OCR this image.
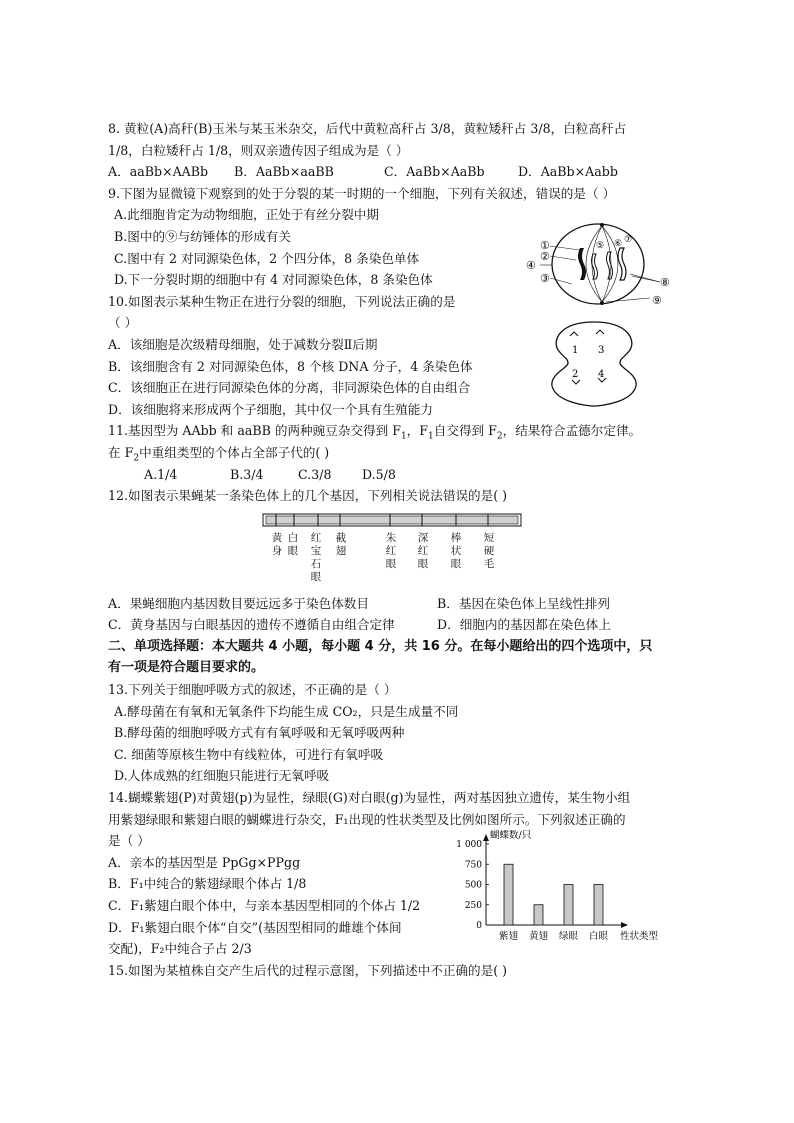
8. 黄粒(A)高秆(B)玉米与某玉米杂交，后代中黄粒高秆占 3/8，黄粒矮秆占 3/8，白粒高秆占
1/8，白粒矮秆占 1/8，则双亲遗传因子组成为是（ ）
A．aaBb×AABb B．AaBb×aaBB	C．AaBb×AaBb	D．AaBb×Aabb
9.下图为显微镜下观察到的处于分裂的某一时期的一个细胞，下列有关叙述，错误的是（ ）
A.此细胞肯定为动物细胞，正处于有丝分裂中期
B.图中的⑨与纺锤体的形成有关
C.图中有 2 对同源染色体，2 个四分体，8 条染色单体
D.下一分裂时期的细胞中有 4 对同源染色体，8 条染色体
10.如图表示某种生物正在进行分裂的细胞，下列说法正确的是
（ ）
A．该细胞是次级精母细胞，处于减数分裂Ⅱ后期
B．该细胞含有 2 对同源染色体，8 个核 DNA 分子，4 条染色体
C．该细胞正在进行同源染色体的分离，非同源染色体的自由组合
D．该细胞将来形成两个子细胞，其中仅一个具有生殖能力
11.基因型为 AAbb 和 aaBB 的两种豌豆杂交得到 $F_1$，$F_1$自交得到 $F_2$，结果符合孟德尔定律。
在 $F_2$中重组类型的个体占全部子代的( )
A.1/4	B.3/4	C.3/8 D.5/8
12.如图表示果蝇某一条染色体上的几个基因，下列相关说法错误的是( )
A．果蝇细胞内基因数目要远远多于染色体数目	B．基因在染色体上呈线性排列
C．黄身基因与白眼基因的遗传不遵循自由组合定律	D．细胞内的基因都在染色体上
二、单项选择题：本大题共 4 小题，每小题 4 分，共 16 分。在每小题给出的四个选项中，只
有一项是符合题目要求的。
13.下列关于细胞呼吸方式的叙述，不正确的是（ ）
A.酵母菌在有氧和无氧条件下均能生成 CO₂，只是生成量不同
B.酵母菌的细胞呼吸方式有有氧呼吸和无氧呼吸两种
C. 细菌等原核生物中有线粒体，可进行有氧呼吸
D.人体成熟的红细胞只能进行无氧呼吸
14.蝴蝶紫翅(P)对黄翅(p)为显性，绿眼(G)对白眼(g)为显性，两对基因独立遗传，某生物小组
用紫翅绿眼和紫翅白眼的蝴蝶进行杂交，F₁出现的性状类型及比例如图所示。下列叙述正确的
是（ ）
A．亲本的基因型是 PpGg×PPgg
B．F₁中纯合的紫翅绿眼个体占 1/8
C．F₁紫翅白眼个体中，与亲本基因型相同的个体占 1/2
D．F₁紫翅白眼个体“自交”(基因型相同的雌雄个体间
交配)，F₂中纯合子占 2/3
15.如图为某植株自交产生后代的过程示意图，下列描述中不正确的是( )
①
②
③
④
⑤ ⑥ ⑦
⑧
⑨
1 3
2 4
黄
身
白
眼
红
宝
石
眼
截
翅
朱
红
眼
深
红
眼
棒
状
眼
短
硬
毛
蝴蝶数/只
1 000
750
500
250
0
紫翅 黄翅 绿眼 白眼 性状类型
